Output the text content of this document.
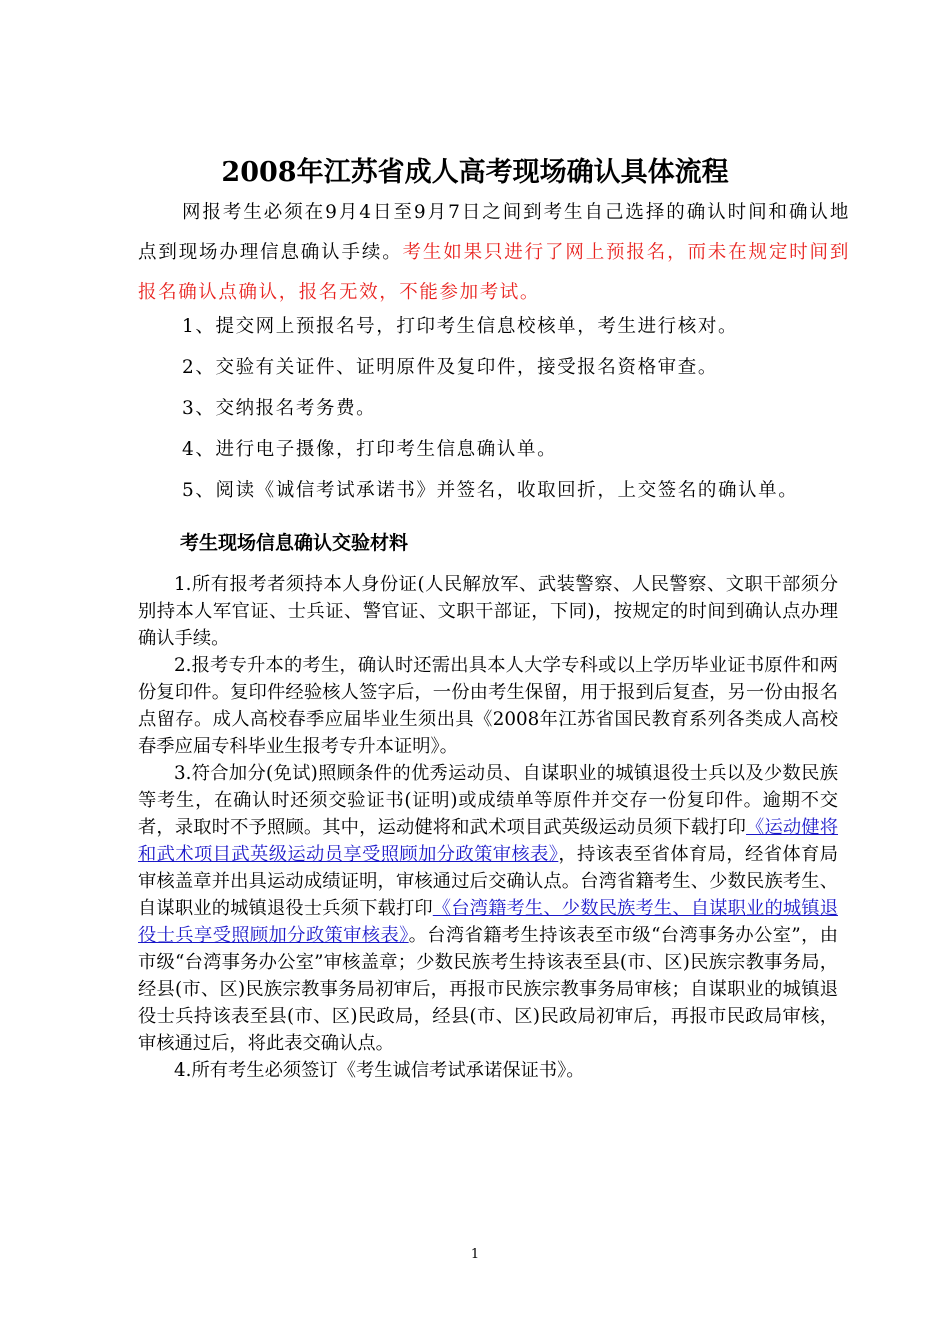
2008年江苏省成人高考现场确认具体流程

网报考生必须在9月4日至9月7日之间到考生自己选择的确认时间和确认地点到现场办理信息确认手续。考生如果只进行了网上预报名，而未在规定时间到报名确认点确认，报名无效，不能参加考试。

1、提交网上预报名号，打印考生信息校核单，考生进行核对。
2、交验有关证件、证明原件及复印件，接受报名资格审查。
3、交纳报名考务费。
4、进行电子摄像，打印考生信息确认单。
5、阅读《诚信考试承诺书》并签名，收取回折，上交签名的确认单。
考生现场信息确认交验材料

1.所有报考者须持本人身份证(人民解放军、武装警察、人民警察、文职干部须分别持本人军官证、士兵证、警官证、文职干部证，下同)，按规定的时间到确认点办理确认手续。

2.报考专升本的考生，确认时还需出具本人大学专科或以上学历毕业证书原件和两份复印件。复印件经验核人签字后，一份由考生保留，用于报到后复查，另一份由报名点留存。成人高校春季应届毕业生须出具《2008年江苏省国民教育系列各类成人高校春季应届专科毕业生报考专升本证明》。

3.符合加分(免试)照顾条件的优秀运动员、自谋职业的城镇退役士兵以及少数民族等考生，在确认时还须交验证书(证明)或成绩单等原件并交存一份复印件。逾期不交者，录取时不予照顾。其中，运动健将和武术项目武英级运动员须下载打印《运动健将和武术项目武英级运动员享受照顾加分政策审核表》，持该表至省体育局，经省体育局审核盖章并出具运动成绩证明，审核通过后交确认点。台湾省籍考生、少数民族考生、自谋职业的城镇退役士兵须下载打印《台湾籍考生、少数民族考生、自谋职业的城镇退役士兵享受照顾加分政策审核表》。台湾省籍考生持该表至市级“台湾事务办公室”，由市级“台湾事务办公室”审核盖章；少数民族考生持该表至县(市、区)民族宗教事务局，经县(市、区)民族宗教事务局初审后，再报市民族宗教事务局审核；自谋职业的城镇退役士兵持该表至县(市、区)民政局，经县(市、区)民政局初审后，再报市民政局审核，审核通过后，将此表交确认点。

4.所有考生必须签订《考生诚信考试承诺保证书》。

1
